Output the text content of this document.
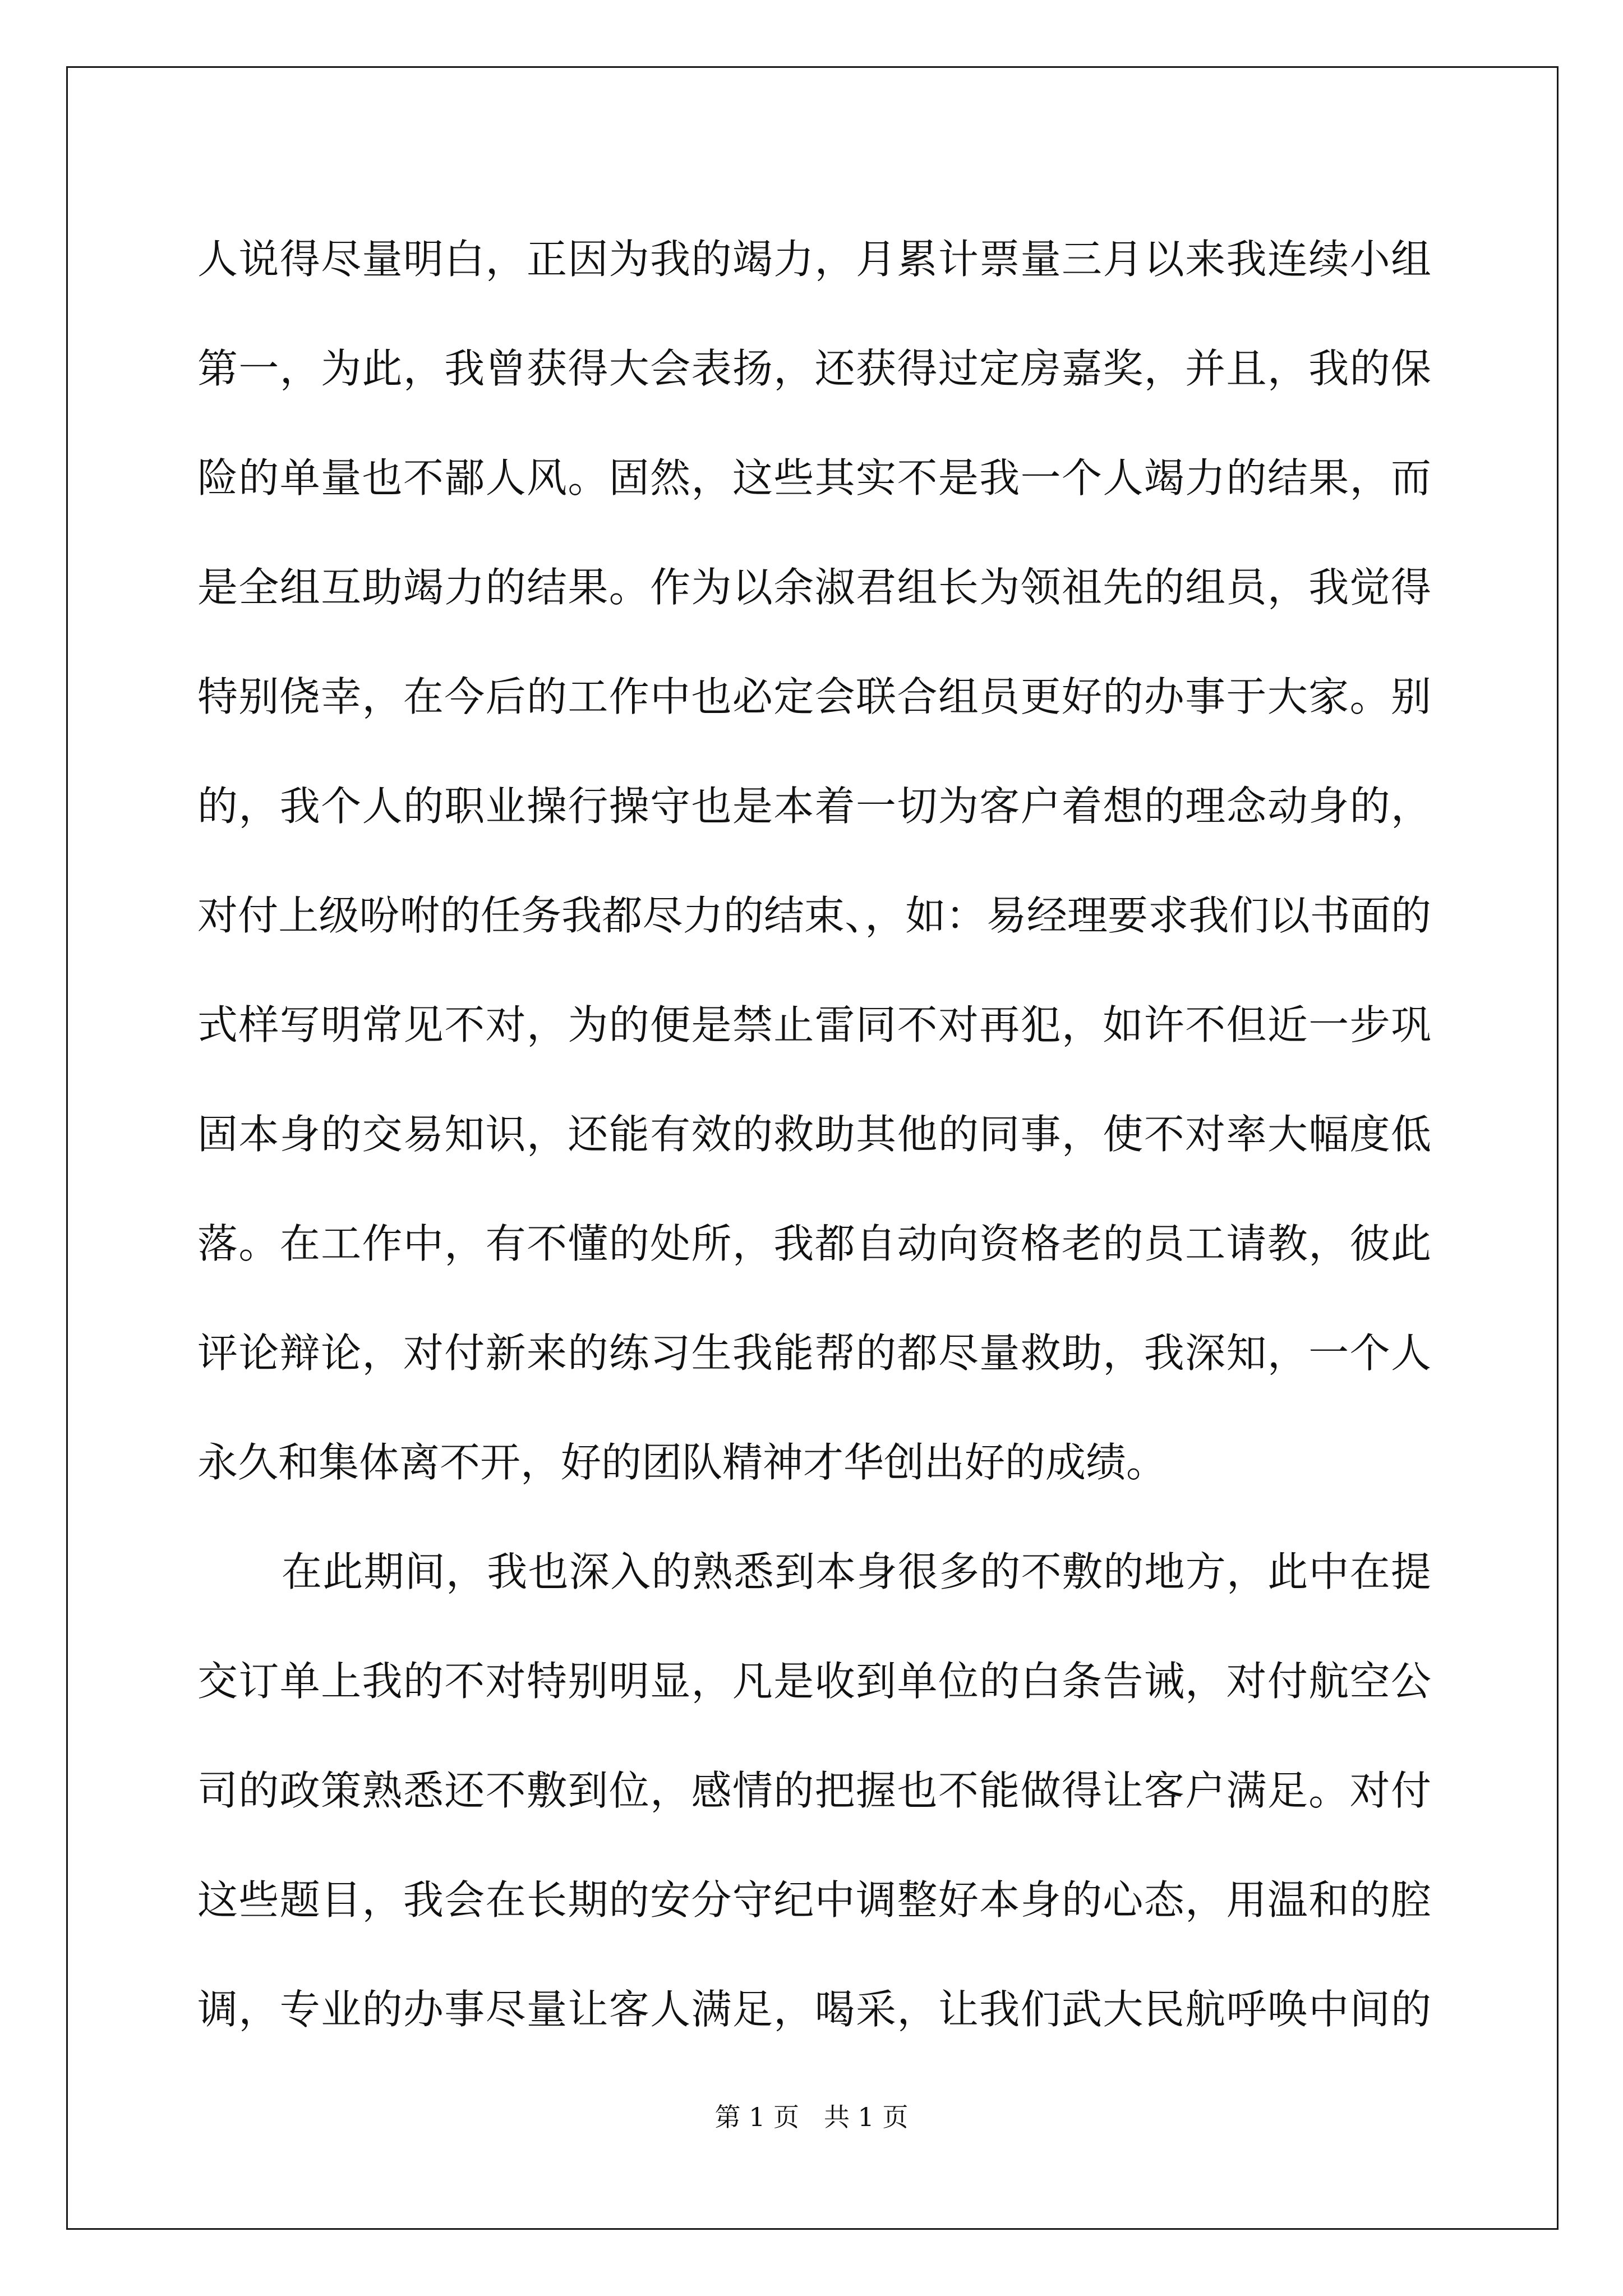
人说得尽量明白，正因为我的竭力，月累计票量三月以来我连续小组
第一，为此，我曾获得大会表扬，还获得过定房嘉奖，并且，我的保
险的单量也不鄙人风。固然，这些其实不是我一个人竭力的结果，而
是全组互助竭力的结果。作为以余淑君组长为领祖先的组员，我觉得
特别侥幸，在今后的工作中也必定会联合组员更好的办事于大家。别
的，我个人的职业操行操守也是本着一切为客户着想的理念动身的，
对付上级吩咐的任务我都尽力的结束、，如：易经理要求我们以书面的
式样写明常见不对，为的便是禁止雷同不对再犯，如许不但近一步巩
固本身的交易知识，还能有效的救助其他的同事，使不对率大幅度低
落。在工作中，有不懂的处所，我都自动向资格老的员工请教，彼此
评论辩论，对付新来的练习生我能帮的都尽量救助，我深知，一个人
永久和集体离不开，好的团队精神才华创出好的成绩。
在此期间，我也深入的熟悉到本身很多的不敷的地方，此中在提
交订单上我的不对特别明显，凡是收到单位的白条告诫，对付航空公
司的政策熟悉还不敷到位，感情的把握也不能做得让客户满足。对付
这些题目，我会在长期的安分守纪中调整好本身的心态，用温和的腔
调，专业的办事尽量让客人满足，喝采，让我们武大民航呼唤中间的
第 1 页 共 1 页
